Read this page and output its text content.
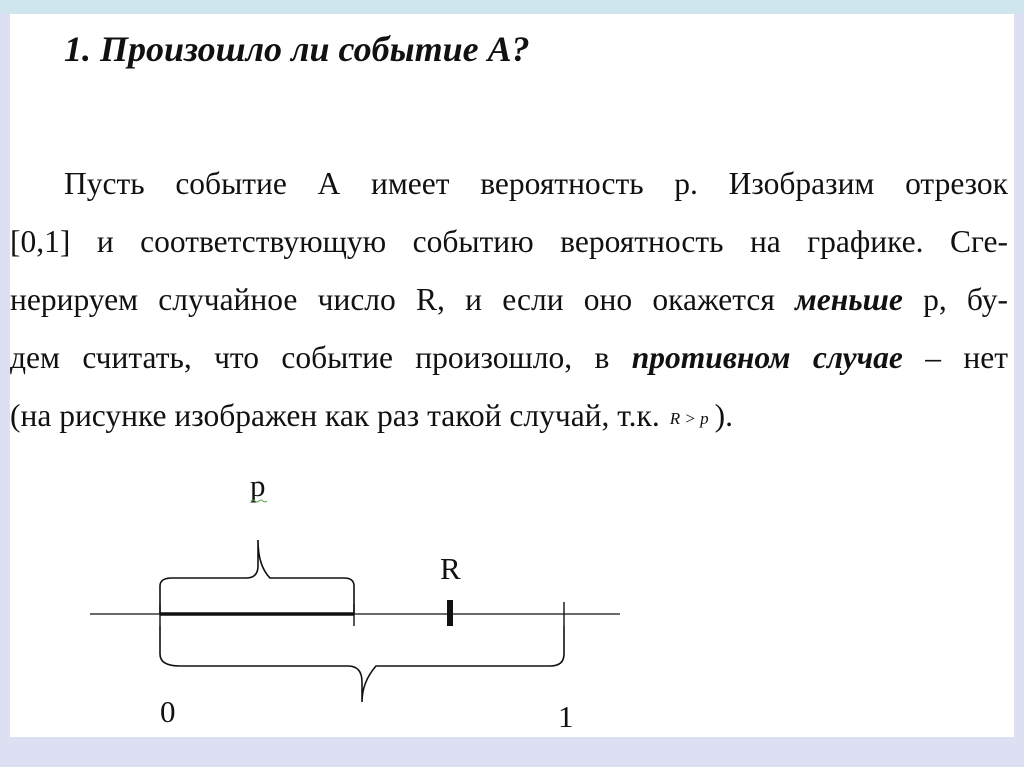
1. Произошло ли событие А?
Пусть событие А имеет вероятность p. Изобразим отрезок
[0,1] и соответствующую событию вероятность на графике. Сге-
нерируем случайное число R, и если оно окажется меньше p, бу-
дем считать, что событие произошло, в противном случае – нет
(на рисунке изображен как раз такой случай, т.к. R > p ).
p
R
0	1
